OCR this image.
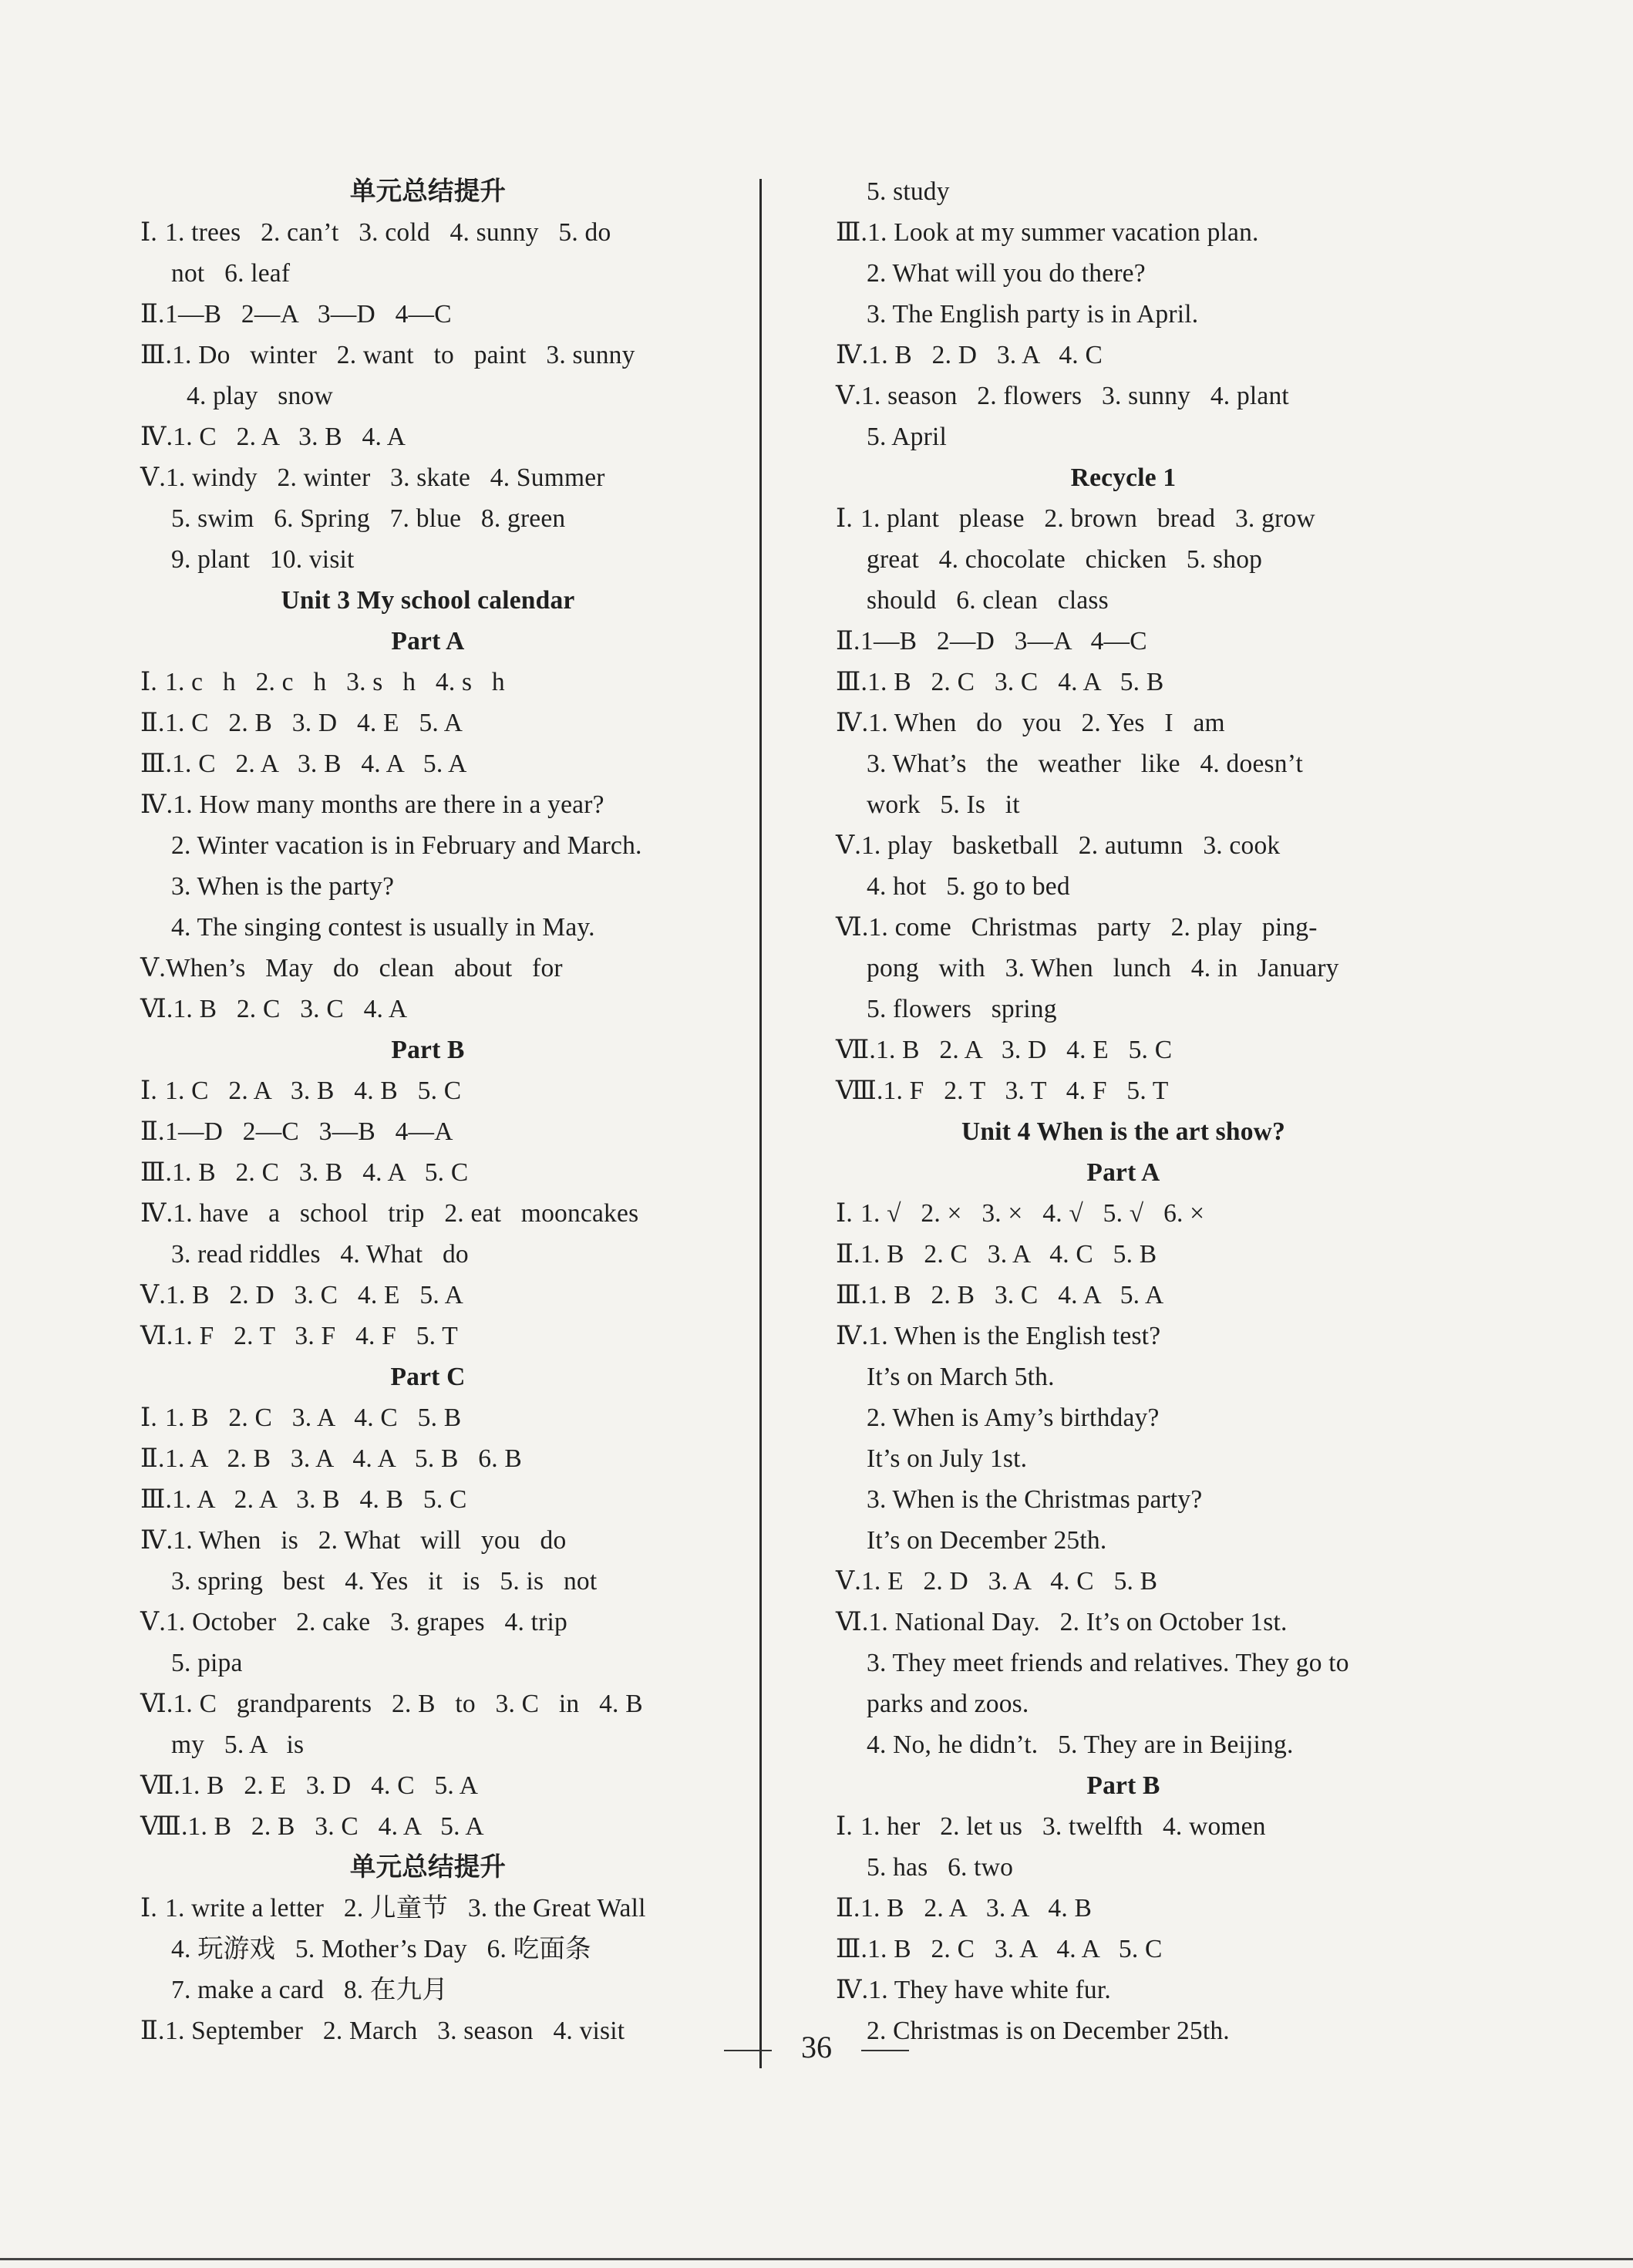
单元总结提升
Ⅰ. 1. trees   2. can’t   3. cold   4. sunny   5. do
not   6. leaf
Ⅱ. 1—B   2—A   3—D   4—C
Ⅲ. 1. Do   winter   2. want   to   paint   3. sunny
4. play   snow
Ⅳ. 1. C   2. A   3. B   4. A
Ⅴ. 1. windy   2. winter   3. skate   4. Summer
5. swim   6. Spring   7. blue   8. green
9. plant   10. visit
Unit 3 My school calendar
Part A
Ⅰ. 1. c   h   2. c   h   3. s   h   4. s   h
Ⅱ. 1. C   2. B   3. D   4. E   5. A
Ⅲ. 1. C   2. A   3. B   4. A   5. A
Ⅳ. 1. How many months are there in a year?
2. Winter vacation is in February and March.
3. When is the party?
4. The singing contest is usually in May.
Ⅴ. When’s   May   do   clean   about   for
Ⅵ. 1. B   2. C   3. C   4. A
Part B
Ⅰ. 1. C   2. A   3. B   4. B   5. C
Ⅱ. 1—D   2—C   3—B   4—A
Ⅲ. 1. B   2. C   3. B   4. A   5. C
Ⅳ. 1. have   a   school   trip   2. eat   mooncakes
3. read riddles   4. What   do
Ⅴ. 1. B   2. D   3. C   4. E   5. A
Ⅵ. 1. F   2. T   3. F   4. F   5. T
Part C
Ⅰ. 1. B   2. C   3. A   4. C   5. B
Ⅱ. 1. A   2. B   3. A   4. A   5. B   6. B
Ⅲ. 1. A   2. A   3. B   4. B   5. C
Ⅳ. 1. When   is   2. What   will   you   do
3. spring   best   4. Yes   it   is   5. is   not
Ⅴ. 1. October   2. cake   3. grapes   4. trip
5. pipa
Ⅵ. 1. C   grandparents   2. B   to   3. C   in   4. B
my   5. A   is
Ⅶ. 1. B   2. E   3. D   4. C   5. A
Ⅷ. 1. B   2. B   3. C   4. A   5. A
单元总结提升
Ⅰ. 1. write a letter   2. 儿童节   3. the Great Wall
4. 玩游戏   5. Mother’s Day   6. 吃面条
7. make a card   8. 在九月
Ⅱ. 1. September   2. March   3. season   4. visit
5. study
Ⅲ. 1. Look at my summer vacation plan.
2. What will you do there?
3. The English party is in April.
Ⅳ. 1. B   2. D   3. A   4. C
Ⅴ. 1. season   2. flowers   3. sunny   4. plant
5. April
Recycle 1
Ⅰ. 1. plant   please   2. brown   bread   3. grow
great   4. chocolate   chicken   5. shop
should   6. clean   class
Ⅱ. 1—B   2—D   3—A   4—C
Ⅲ. 1. B   2. C   3. C   4. A   5. B
Ⅳ. 1. When   do   you   2. Yes   I   am
3. What’s   the   weather   like   4. doesn’t
work   5. Is   it
Ⅴ. 1. play   basketball   2. autumn   3. cook
4. hot   5. go to bed
Ⅵ. 1. come   Christmas   party   2. play   ping-
pong   with   3. When   lunch   4. in   January
5. flowers   spring
Ⅶ. 1. B   2. A   3. D   4. E   5. C
Ⅷ. 1. F   2. T   3. T   4. F   5. T
Unit 4 When is the art show?
Part A
Ⅰ. 1. √   2. ×   3. ×   4. √   5. √   6. ×
Ⅱ. 1. B   2. C   3. A   4. C   5. B
Ⅲ. 1. B   2. B   3. C   4. A   5. A
Ⅳ. 1. When is the English test?
It’s on March 5th.
2. When is Amy’s birthday?
It’s on July 1st.
3. When is the Christmas party?
It’s on December 25th.
Ⅴ. 1. E   2. D   3. A   4. C   5. B
Ⅵ. 1. National Day.   2. It’s on October 1st.
3. They meet friends and relatives. They go to
parks and zoos.
4. No, he didn’t.   5. They are in Beijing.
Part B
Ⅰ. 1. her   2. let us   3. twelfth   4. women
5. has   6. two
Ⅱ. 1. B   2. A   3. A   4. B
Ⅲ. 1. B   2. C   3. A   4. A   5. C
Ⅳ. 1. They have white fur.
2. Christmas is on December 25th.
36
